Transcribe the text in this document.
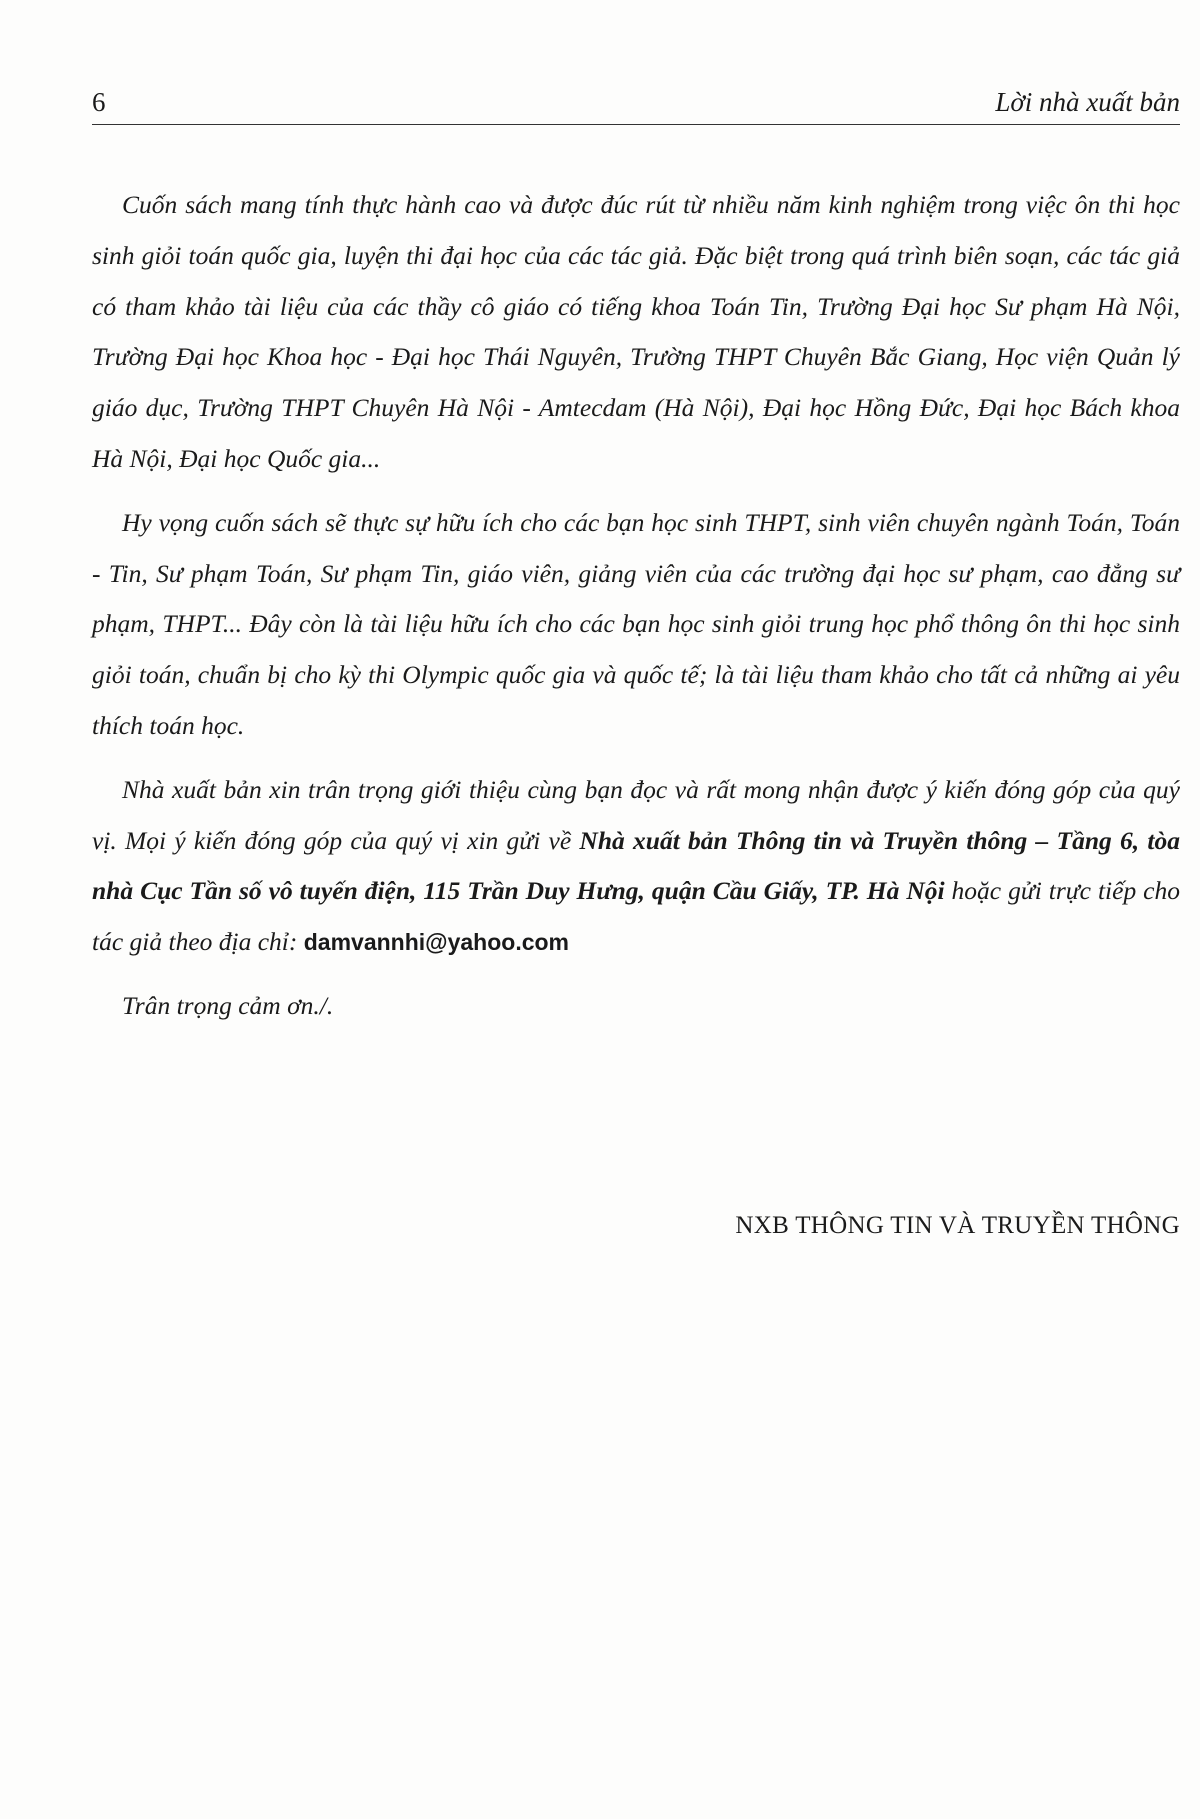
6	Lời nhà xuất bản

Cuốn sách mang tính thực hành cao và được đúc rút từ nhiều năm kinh nghiệm trong việc ôn thi học sinh giỏi toán quốc gia, luyện thi đại học của các tác giả. Đặc biệt trong quá trình biên soạn, các tác giả có tham khảo tài liệu của các thầy cô giáo có tiếng khoa Toán Tin, Trường Đại học Sư phạm Hà Nội, Trường Đại học Khoa học - Đại học Thái Nguyên, Trường THPT Chuyên Bắc Giang, Học viện Quản lý giáo dục, Trường THPT Chuyên Hà Nội - Amtecdam (Hà Nội), Đại học Hồng Đức, Đại học Bách khoa Hà Nội, Đại học Quốc gia...

Hy vọng cuốn sách sẽ thực sự hữu ích cho các bạn học sinh THPT, sinh viên chuyên ngành Toán, Toán - Tin, Sư phạm Toán, Sư phạm Tin, giáo viên, giảng viên của các trường đại học sư phạm, cao đẳng sư phạm, THPT... Đây còn là tài liệu hữu ích cho các bạn học sinh giỏi trung học phổ thông ôn thi học sinh giỏi toán, chuẩn bị cho kỳ thi Olympic quốc gia và quốc tế; là tài liệu tham khảo cho tất cả những ai yêu thích toán học.

Nhà xuất bản xin trân trọng giới thiệu cùng bạn đọc và rất mong nhận được ý kiến đóng góp của quý vị. Mọi ý kiến đóng góp của quý vị xin gửi về Nhà xuất bản Thông tin và Truyền thông – Tầng 6, tòa nhà Cục Tần số vô tuyến điện, 115 Trần Duy Hưng, quận Cầu Giấy, TP. Hà Nội hoặc gửi trực tiếp cho tác giả theo địa chỉ: damvannhi@yahoo.com

Trân trọng cảm ơn./.

NXB THÔNG TIN VÀ TRUYỀN THÔNG
